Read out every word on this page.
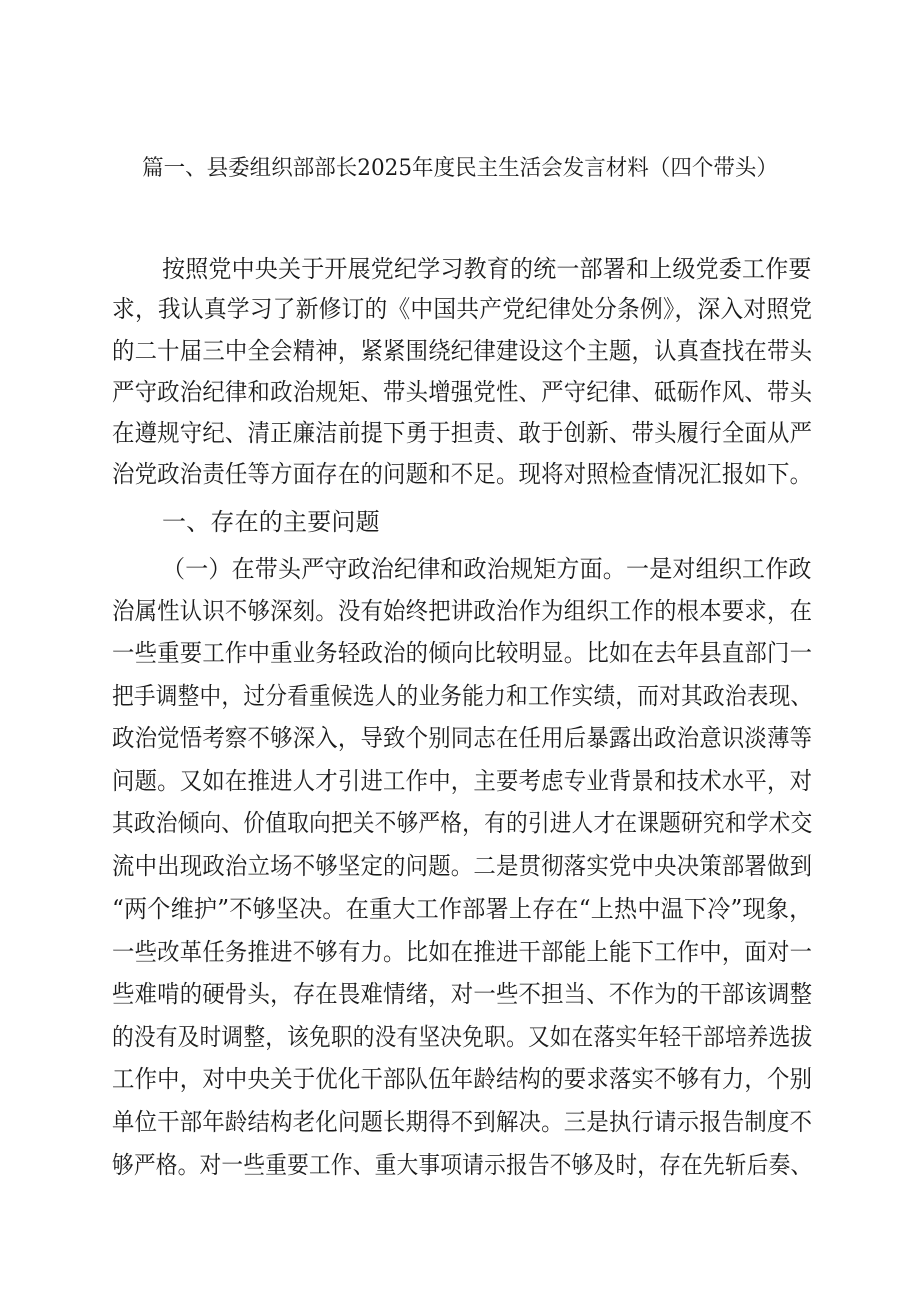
篇一、县委组织部部长2025年度民主生活会发言材料（四个带头）
按照党中央关于开展党纪学习教育的统一部署和上级党委工作要
求，我认真学习了新修订的《中国共产党纪律处分条例》，深入对照党
的二十届三中全会精神，紧紧围绕纪律建设这个主题，认真查找在带头
严守政治纪律和政治规矩、带头增强党性、严守纪律、砥砺作风、带头
在遵规守纪、清正廉洁前提下勇于担责、敢于创新、带头履行全面从严
治党政治责任等方面存在的问题和不足。现将对照检查情况汇报如下。
一、存在的主要问题
（一）在带头严守政治纪律和政治规矩方面。一是对组织工作政
治属性认识不够深刻。没有始终把讲政治作为组织工作的根本要求，在
一些重要工作中重业务轻政治的倾向比较明显。比如在去年县直部门一
把手调整中，过分看重候选人的业务能力和工作实绩，而对其政治表现、
政治觉悟考察不够深入，导致个别同志在任用后暴露出政治意识淡薄等
问题。又如在推进人才引进工作中，主要考虑专业背景和技术水平，对
其政治倾向、价值取向把关不够严格，有的引进人才在课题研究和学术交
流中出现政治立场不够坚定的问题。二是贯彻落实党中央决策部署做到
“两个维护”不够坚决。在重大工作部署上存在“上热中温下冷”现象，
一些改革任务推进不够有力。比如在推进干部能上能下工作中，面对一
些难啃的硬骨头，存在畏难情绪，对一些不担当、不作为的干部该调整
的没有及时调整，该免职的没有坚决免职。又如在落实年轻干部培养选拔
工作中，对中央关于优化干部队伍年龄结构的要求落实不够有力，个别
单位干部年龄结构老化问题长期得不到解决。三是执行请示报告制度不
够严格。对一些重要工作、重大事项请示报告不够及时，存在先斩后奏、
